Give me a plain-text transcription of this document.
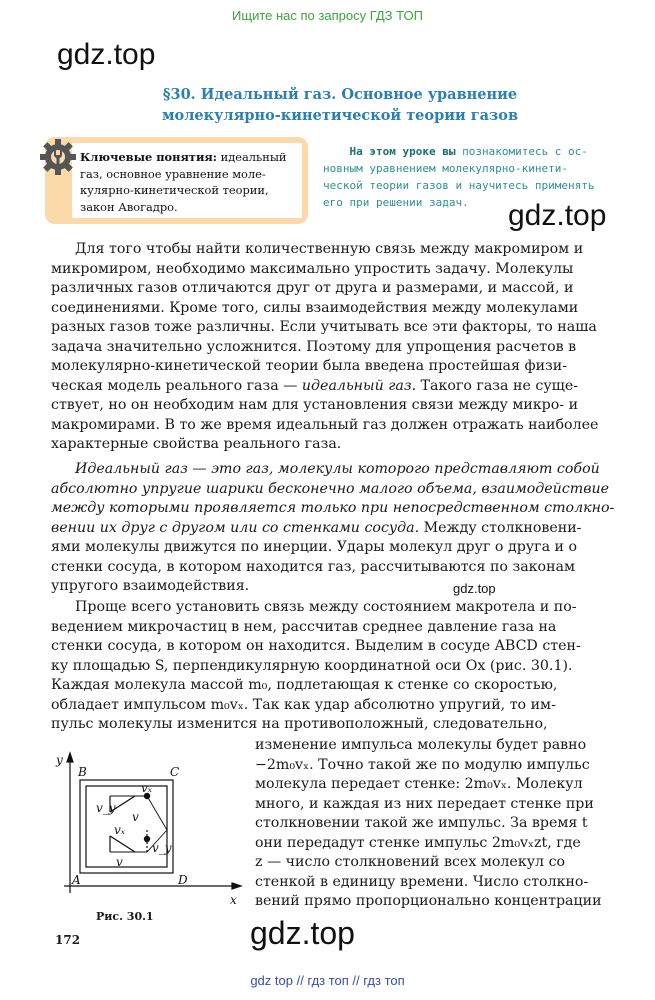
Ищите нас по запросу ГДЗ ТОП
gdz.top
gdz.top
gdz.top
gdz.top
§30. Идеальный газ. Основное уравнение
молекулярно-кинетической теории газов
Ключевые понятия: идеальный
газ, основное уравнение моле-
кулярно-кинетической теории,
закон Авогадро.
На этом уроке вы познакомитесь с ос-
новным уравнением молекулярно-кинети-
ческой теории газов и научитесь применять
его при решении задач.
Для того чтобы найти количественную связь между макромиром и
микромиром, необходимо максимально упростить задачу. Молекулы
различных газов отличаются друг от друга и размерами, и массой, и
соединениями. Кроме того, силы взаимодействия между молекулами
разных газов тоже различны. Если учитывать все эти факторы, то наша
задача значительно усложнится. Поэтому для упрощения расчетов в
молекулярно-кинетической теории была введена простейшая физи-
ческая модель реального газа — идеальный газ. Такого газа не суще-
ствует, но он необходим нам для установления связи между микро- и
макромирами. В то же время идеальный газ должен отражать наиболее
характерные свойства реального газа.
Идеальный газ — это газ, молекулы которого представляют собой
абсолютно упругие шарики бесконечно малого объема, взаимодействие
между которыми проявляется только при непосредственном столкно-
вении их друг с другом или со стенками сосуда. Между столкновени-
ями молекулы движутся по инерции. Удары молекул друг о друга и о
стенки сосуда, в котором находится газ, рассчитываются по законам
упругого взаимодействия.
Проще всего установить связь между состоянием макротела и по-
ведением микрочастиц в нем, рассчитав среднее давление газа на
стенки сосуда, в котором он находится. Выделим в сосуде ABCD стен-
ку площадью S, перпендикулярную координатной оси Ox (рис. 30.1).
Каждая молекула массой m₀, подлетающая к стенке со скоростью,
обладает импульсом m₀vₓ. Так как удар абсолютно упругий, то им-
пульс молекулы изменится на противоположный, следовательно,
изменение импульса молекулы будет равно
−2m₀vₓ. Точно такой же по модулю импульс
молекула передает стенке: 2m₀vₓ. Молекул
много, и каждая из них передает стенке при
столкновении такой же импульс. За время t
они передадут стенке импульс 2m₀vₓzt, где
z — число столкновений всех молекул со
стенкой в единицу времени. Число столкно-
вений прямо пропорционально концентрации
y
x
B	C
A	D
vₓ
v_y
v
vₓ
v_y
v
Рис. 30.1
172
gdz top // гдз топ // гдз топ
